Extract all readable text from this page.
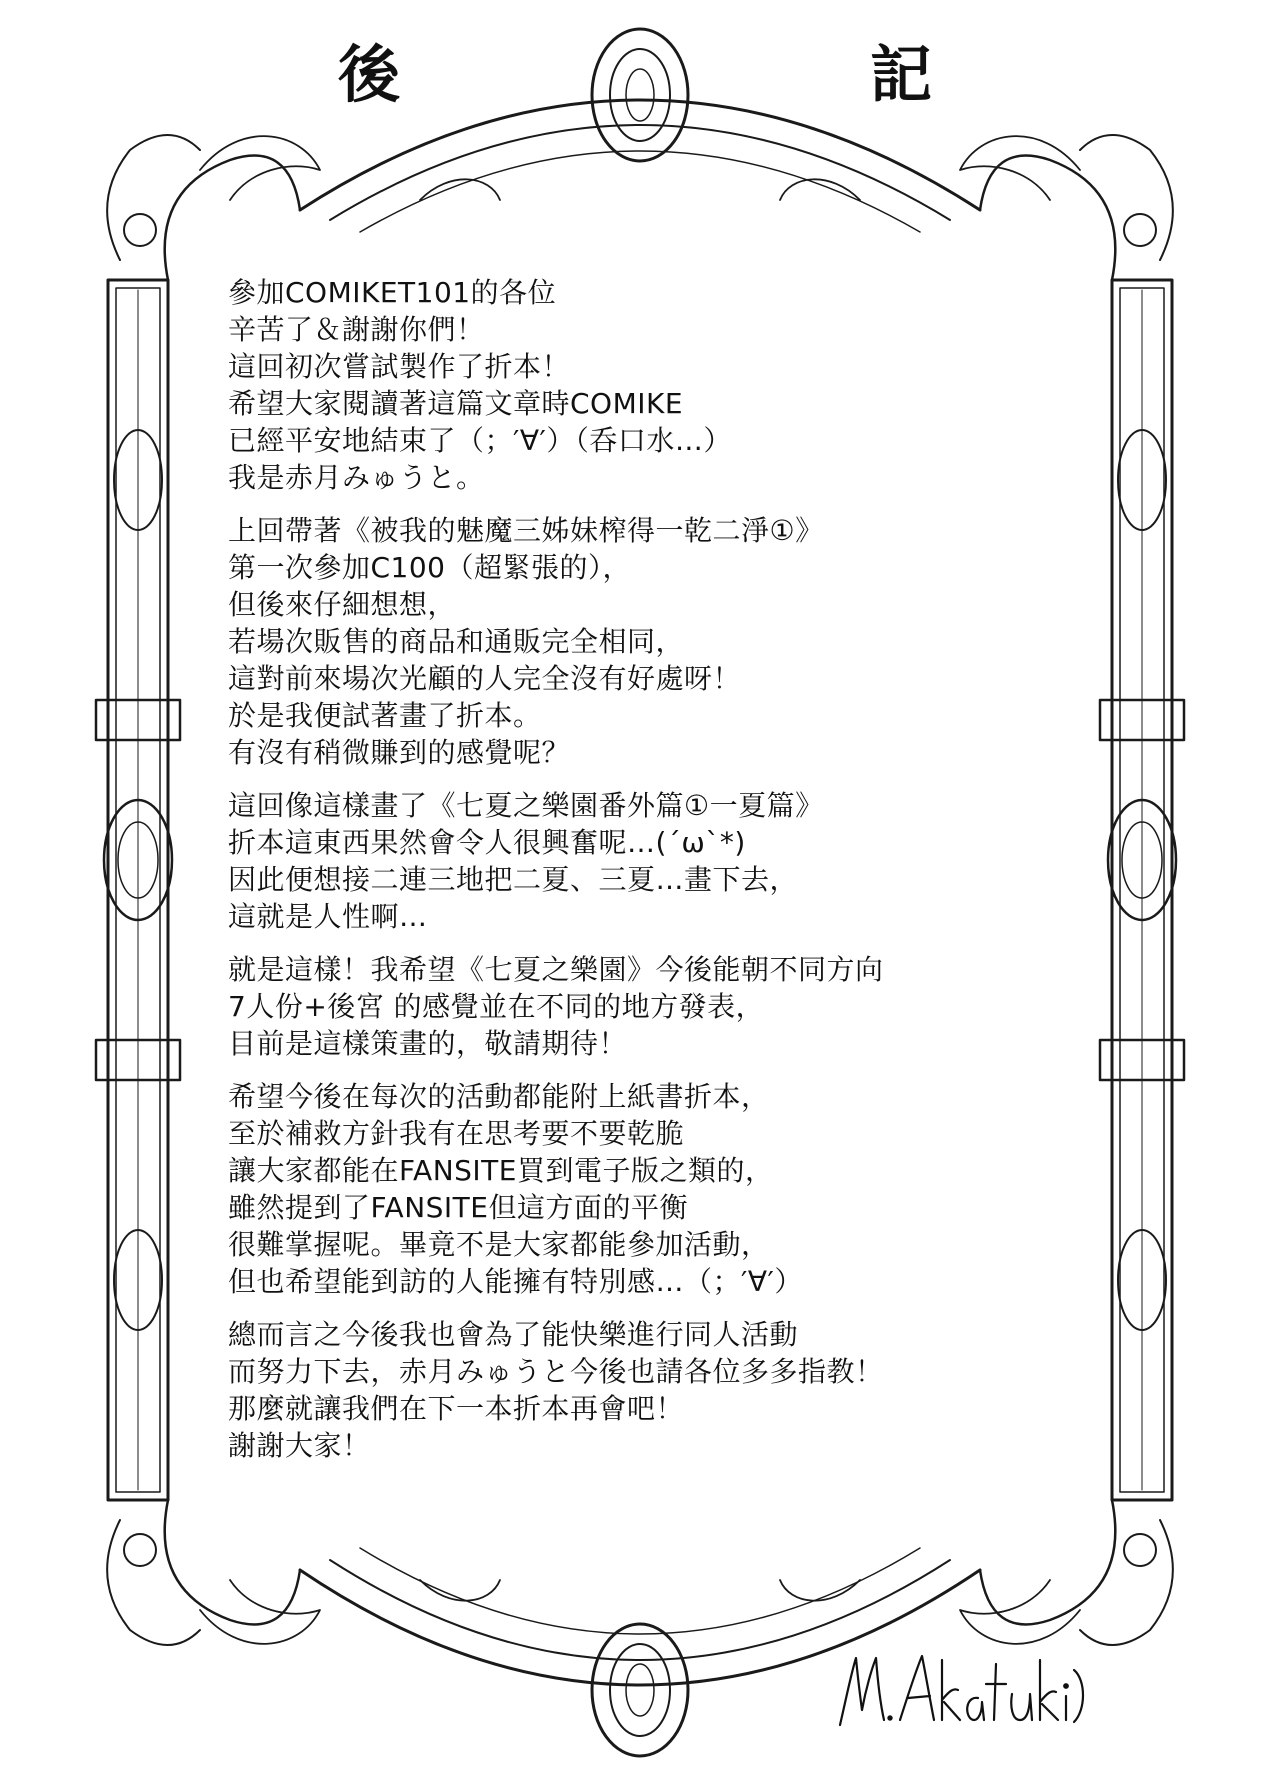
後	記
參加COMIKET101的各位
辛苦了＆謝謝你們！
這回初次嘗試製作了折本！
希望大家閱讀著這篇文章時COMIKE
已經平安地結束了（；′∀′）（呑口水…）
我是赤月みゅうと。
上回帶著《被我的魅魔三姊妹榨得一乾二淨①》
第一次參加C100（超緊張的），
但後來仔細想想，
若場次販售的商品和通販完全相同，
這對前來場次光顧的人完全沒有好處呀！
於是我便試著畫了折本。
有沒有稍微賺到的感覺呢？
這回像這樣畫了《七夏之樂園番外篇①一夏篇》
折本這東西果然會令人很興奮呢…(´ω`*)
因此便想接二連三地把二夏、三夏…畫下去，
這就是人性啊…
就是這樣！我希望《七夏之樂園》今後能朝不同方向
7人份+後宮 的感覺並在不同的地方發表，
目前是這樣策畫的，敬請期待！
希望今後在每次的活動都能附上紙書折本，
至於補救方針我有在思考要不要乾脆
讓大家都能在FANSITE買到電子版之類的，
雖然提到了FANSITE但這方面的平衡
很難掌握呢。畢竟不是大家都能參加活動，
但也希望能到訪的人能擁有特別感…（；′∀′）
總而言之今後我也會為了能快樂進行同人活動
而努力下去，赤月みゅうと今後也請各位多多指教！
那麼就讓我們在下一本折本再會吧！
謝謝大家！
